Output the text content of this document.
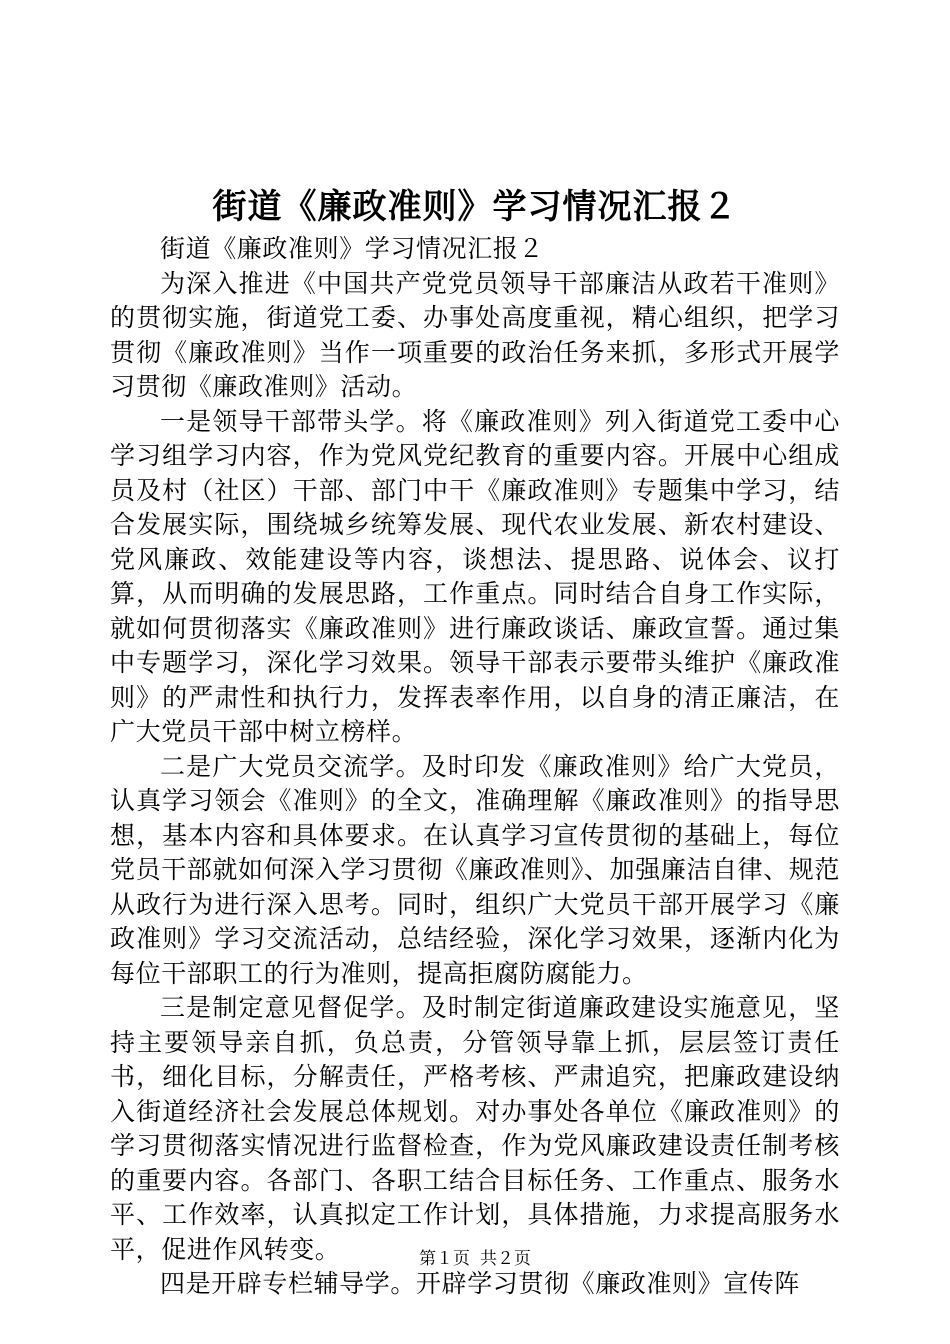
街道《廉政准则》学习情况汇报２

街道《廉政准则》学习情况汇报２

为深入推进《中国共产党党员领导干部廉洁从政若干准则》的贯彻实施，街道党工委、办事处高度重视，精心组织，把学习贯彻《廉政准则》当作一项重要的政治任务来抓，多形式开展学习贯彻《廉政准则》活动。

一是领导干部带头学。将《廉政准则》列入街道党工委中心学习组学习内容，作为党风党纪教育的重要内容。开展中心组成员及村（社区）干部、部门中干《廉政准则》专题集中学习，结合发展实际，围绕城乡统筹发展、现代农业发展、新农村建设、党风廉政、效能建设等内容，谈想法、提思路、说体会、议打算，从而明确的发展思路，工作重点。同时结合自身工作实际，就如何贯彻落实《廉政准则》进行廉政谈话、廉政宣誓。通过集中专题学习，深化学习效果。领导干部表示要带头维护《廉政准则》的严肃性和执行力，发挥表率作用，以自身的清正廉洁，在广大党员干部中树立榜样。

二是广大党员交流学。及时印发《廉政准则》给广大党员，认真学习领会《准则》的全文，准确理解《廉政准则》的指导思想，基本内容和具体要求。在认真学习宣传贯彻的基础上，每位党员干部就如何深入学习贯彻《廉政准则》、加强廉洁自律、规范从政行为进行深入思考。同时，组织广大党员干部开展学习《廉政准则》学习交流活动，总结经验，深化学习效果，逐渐内化为每位干部职工的行为准则，提高拒腐防腐能力。

三是制定意见督促学。及时制定街道廉政建设实施意见，坚持主要领导亲自抓，负总责，分管领导靠上抓，层层签订责任书，细化目标，分解责任，严格考核、严肃追究，把廉政建设纳入街道经济社会发展总体规划。对办事处各单位《廉政准则》的学习贯彻落实情况进行监督检查，作为党风廉政建设责任制考核的重要内容。各部门、各职工结合目标任务、工作重点、服务水平、工作效率，认真拟定工作计划，具体措施，力求提高服务水平，促进作风转变。

四是开辟专栏辅导学。开辟学习贯彻《廉政准则》宣传阵

第１页 共２页
